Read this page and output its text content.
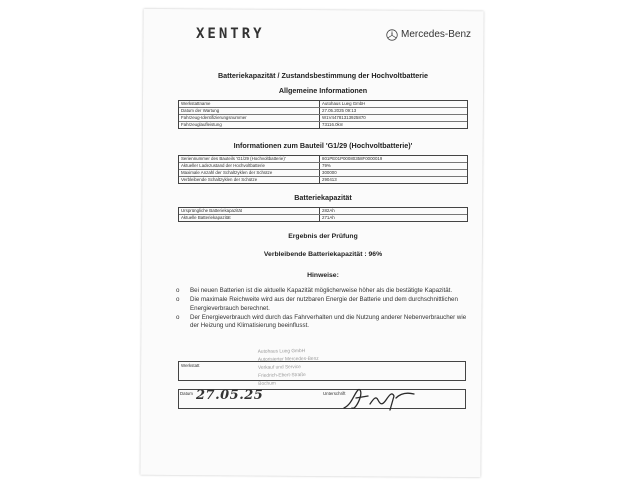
XENTRY	Mercedes-Benz
Batteriekapazität / Zustandsbestimmung der Hochvoltbatterie
Allgemeine Informationen
Werkstattname	Autohaus Lueg GmbH
Datum der Wartung	27.05.2025 09:13
Fahrzeug-Identifizierungsnummer	W1V44781313925870
Fahrzeuglaufleistung	73116.0km
Informationen zum Bauteil 'G1/29 (Hochvoltbatterie)'
Seriennummer des Bauteils 'G1/29 (Hochvoltbatterie)'	801PE01P00080358F0000019
Aktueller Ladezustand der Hochvoltbatterie	79%
Maximale Anzahl der Schaltzyklen der Schütze	300000
Verbleibende Schaltzyklen der Schütze	290413
Batteriekapazität
Ursprüngliche Batteriekapazität	282Ah
Aktuelle Batteriekapazität	271Ah
Ergebnis der Prüfung
Verbleibende Batteriekapazität : 96%
Hinweise:
o	Bei neuen Batterien ist die aktuelle Kapazität möglicherweise höher als die bestätigte Kapazität.
o	Die maximale Reichweite wird aus der nutzbaren Energie der Batterie und dem durchschnittlichen Energieverbrauch berechnet.
o	Der Energieverbrauch wird durch das Fahrverhalten und die Nutzung anderer Nebenverbraucher wie der Heizung und Klimatisierung beeinflusst.
Autohaus Lueg GmbH
Autorisierter Mercedes-Benz
Verkauf und Service
Friedrich-Ebert-Straße
Bochum
Werkstatt
Datum	Unterschrift
27.05.25
